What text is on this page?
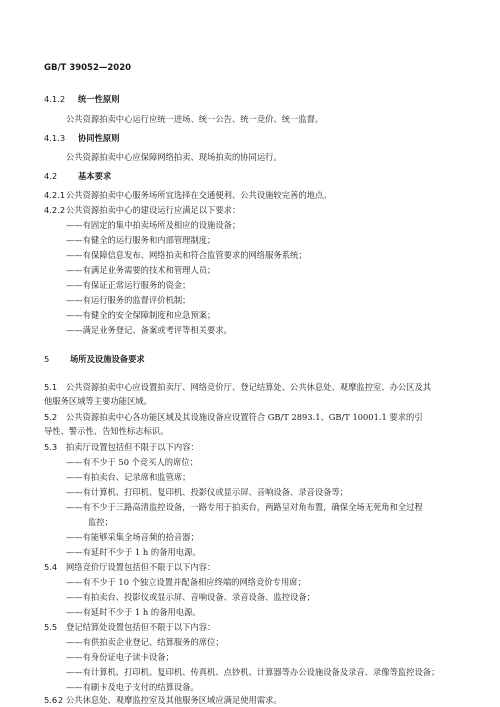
GB/T 39052—2020
4.1.2 统一性原则
公共资源拍卖中心运行应统一进场、统一公告、统一竞价、统一监督。
4.1.3 协同性原则
公共资源拍卖中心应保障网络拍卖、现场拍卖的协同运行。
4.2	基本要求
4.2.1公共资源拍卖中心服务场所宜选择在交通便利、公共设施较完善的地点。
4.2.2公共资源拍卖中心的建设运行应满足以下要求：
——有固定的集中拍卖场所及相应的设施设备；
——有健全的运行服务和内部管理制度；
——有保障信息发布、网络拍卖和符合监管要求的网络服务系统；
——有满足业务需要的技术和管理人员；
——有保证正常运行服务的资金；
——有运行服务的监督评价机制；
——有健全的安全保障制度和应急预案；
——满足业务登记、备案或考评等相关要求。
5 场所及设施设备要求
5.1 公共资源拍卖中心应设置拍卖厅、网络竞价厅、登记结算处、公共休息处、观摩监控室、办公区及其
他服务区域等主要功能区域。
5.2 公共资源拍卖中心各功能区域及其设施设备应设置符合 GB/T 2893.1、GB/T 10001.1 要求的引
导性、警示性、告知性标志标识。
5.3 拍卖厅设置包括但不限于以下内容：
——有不少于 50 个竞买人的席位；
——有拍卖台、记录席和监管席；
——有计算机、打印机、复印机、投影仪或显示屏、音响设备、录音设备等；
——有不少于三路高清监控设备，一路专用于拍卖台，两路呈对角布置，确保全场无死角和全过程
监控；
——有能够采集全场音频的拾音器；
——有延时不少于 1 h 的备用电源。
5.4 网络竞价厅设置包括但不限于以下内容：
——有不少于 10 个独立设置并配备相应终端的网络竞价专用席；
——有拍卖台、投影仪或显示屏、音响设备、录音设备、监控设备；
——有延时不少于 1 h 的备用电源。
5.5 登记结算处设置包括但不限于以下内容：
——有供拍卖企业登记、结算服务的席位；
——有身份证电子读卡设备；
——有计算机、打印机、复印机、传真机、点钞机、计算器等办公设施设备及录音、录像等监控设备；
——有刷卡及电子支付的结算设备。
5.6 公共休息处、观摩监控室及其他服务区域应满足使用需求。
2
